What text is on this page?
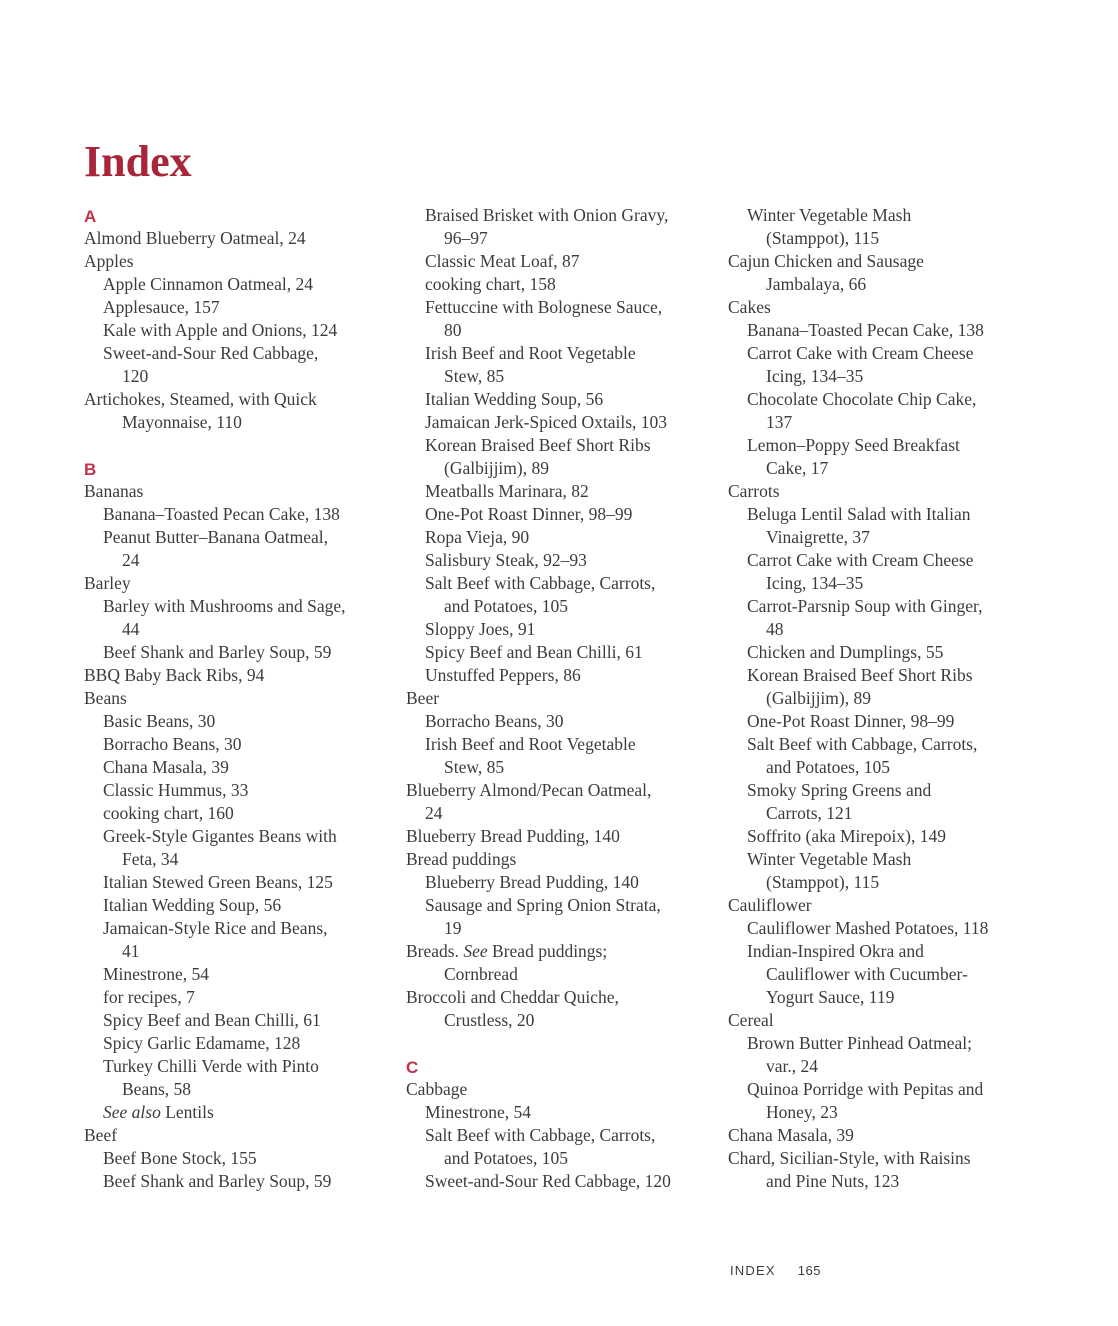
Index
A
Almond Blueberry Oatmeal, 24
Apples
Apple Cinnamon Oatmeal, 24
Applesauce, 157
Kale with Apple and Onions, 124
Sweet-and-Sour Red Cabbage,
120
Artichokes, Steamed, with Quick
Mayonnaise, 110
B
Bananas
Banana–Toasted Pecan Cake, 138
Peanut Butter–Banana Oatmeal,
24
Barley
Barley with Mushrooms and Sage,
44
Beef Shank and Barley Soup, 59
BBQ Baby Back Ribs, 94
Beans
Basic Beans, 30
Borracho Beans, 30
Chana Masala, 39
Classic Hummus, 33
cooking chart, 160
Greek-Style Gigantes Beans with
Feta, 34
Italian Stewed Green Beans, 125
Italian Wedding Soup, 56
Jamaican-Style Rice and Beans,
41
Minestrone, 54
for recipes, 7
Spicy Beef and Bean Chilli, 61
Spicy Garlic Edamame, 128
Turkey Chilli Verde with Pinto
Beans, 58
See also Lentils
Beef
Beef Bone Stock, 155
Beef Shank and Barley Soup, 59
Braised Brisket with Onion Gravy,
96–97
Classic Meat Loaf, 87
cooking chart, 158
Fettuccine with Bolognese Sauce,
80
Irish Beef and Root Vegetable
Stew, 85
Italian Wedding Soup, 56
Jamaican Jerk-Spiced Oxtails, 103
Korean Braised Beef Short Ribs
(Galbijjim), 89
Meatballs Marinara, 82
One-Pot Roast Dinner, 98–99
Ropa Vieja, 90
Salisbury Steak, 92–93
Salt Beef with Cabbage, Carrots,
and Potatoes, 105
Sloppy Joes, 91
Spicy Beef and Bean Chilli, 61
Unstuffed Peppers, 86
Beer
Borracho Beans, 30
Irish Beef and Root Vegetable
Stew, 85
Blueberry Almond/Pecan Oatmeal,
24
Blueberry Bread Pudding, 140
Bread puddings
Blueberry Bread Pudding, 140
Sausage and Spring Onion Strata,
19
Breads. See Bread puddings;
Cornbread
Broccoli and Cheddar Quiche,
Crustless, 20
C
Cabbage
Minestrone, 54
Salt Beef with Cabbage, Carrots,
and Potatoes, 105
Sweet-and-Sour Red Cabbage, 120
Winter Vegetable Mash
(Stamppot), 115
Cajun Chicken and Sausage
Jambalaya, 66
Cakes
Banana–Toasted Pecan Cake, 138
Carrot Cake with Cream Cheese
Icing, 134–35
Chocolate Chocolate Chip Cake,
137
Lemon–Poppy Seed Breakfast
Cake, 17
Carrots
Beluga Lentil Salad with Italian
Vinaigrette, 37
Carrot Cake with Cream Cheese
Icing, 134–35
Carrot-Parsnip Soup with Ginger,
48
Chicken and Dumplings, 55
Korean Braised Beef Short Ribs
(Galbijjim), 89
One-Pot Roast Dinner, 98–99
Salt Beef with Cabbage, Carrots,
and Potatoes, 105
Smoky Spring Greens and
Carrots, 121
Soffrito (aka Mirepoix), 149
Winter Vegetable Mash
(Stamppot), 115
Cauliflower
Cauliflower Mashed Potatoes, 118
Indian-Inspired Okra and
Cauliflower with Cucumber-
Yogurt Sauce, 119
Cereal
Brown Butter Pinhead Oatmeal;
var., 24
Quinoa Porridge with Pepitas and
Honey, 23
Chana Masala, 39
Chard, Sicilian-Style, with Raisins
and Pine Nuts, 123
INDEX 165
